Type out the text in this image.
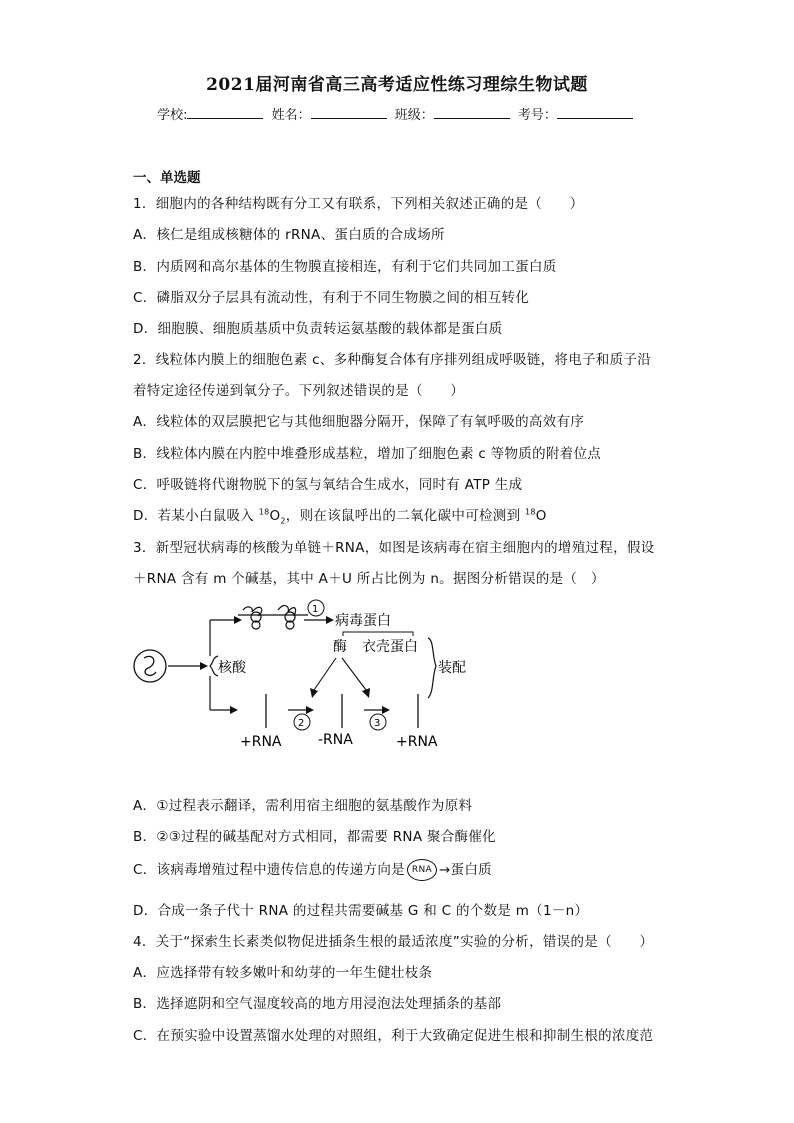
2021届河南省高三高考适应性练习理综生物试题
学校:	姓名：	班级：	考号：
一、单选题
1．细胞内的各种结构既有分工又有联系，下列相关叙述正确的是（　　）
A．核仁是组成核糖体的 rRNA、蛋白质的合成场所
B．内质网和高尔基体的生物膜直接相连，有利于它们共同加工蛋白质
C．磷脂双分子层具有流动性，有利于不同生物膜之间的相互转化
D．细胞膜、细胞质基质中负责转运氨基酸的载体都是蛋白质
2．线粒体内膜上的细胞色素 c、多种酶复合体有序排列组成呼吸链，将电子和质子沿
着特定途径传递到氧分子。下列叙述错误的是（　　）
A．线粒体的双层膜把它与其他细胞器分隔开，保障了有氧呼吸的高效有序
B．线粒体内膜在内腔中堆叠形成基粒，增加了细胞色素 c 等物质的附着位点
C．呼吸链将代谢物脱下的氢与氧结合生成水，同时有 ATP 生成
D．若某小白鼠吸入 $^{18}O_2$，则在该鼠呼出的二氧化碳中可检测到 $^{18}$O
3．新型冠状病毒的核酸为单链＋RNA，如图是该病毒在宿主细胞内的增殖过程，假设
＋RNA 含有 m 个碱基，其中 A＋U 所占比例为 n。据图分析错误的是（　）
核酸
1
病毒蛋白
酶 衣壳蛋白
装配
2	3
+RNA	-RNA	+RNA
A．①过程表示翻译，需利用宿主细胞的氨基酸作为原料
B．②③过程的碱基配对方式相同，都需要 RNA 聚合酶催化
C．该病毒增殖过程中遗传信息的传递方向是 RNA →蛋白质
D．合成一条子代十 RNA 的过程共需要碱基 G 和 C 的个数是 m（1－n）
4．关于“探索生长素类似物促进插条生根的最适浓度”实验的分析，错误的是（　　）
A．应选择带有较多嫩叶和幼芽的一年生健壮枝条
B．选择遮阴和空气湿度较高的地方用浸泡法处理插条的基部
C．在预实验中设置蒸馏水处理的对照组，利于大致确定促进生根和抑制生根的浓度范
